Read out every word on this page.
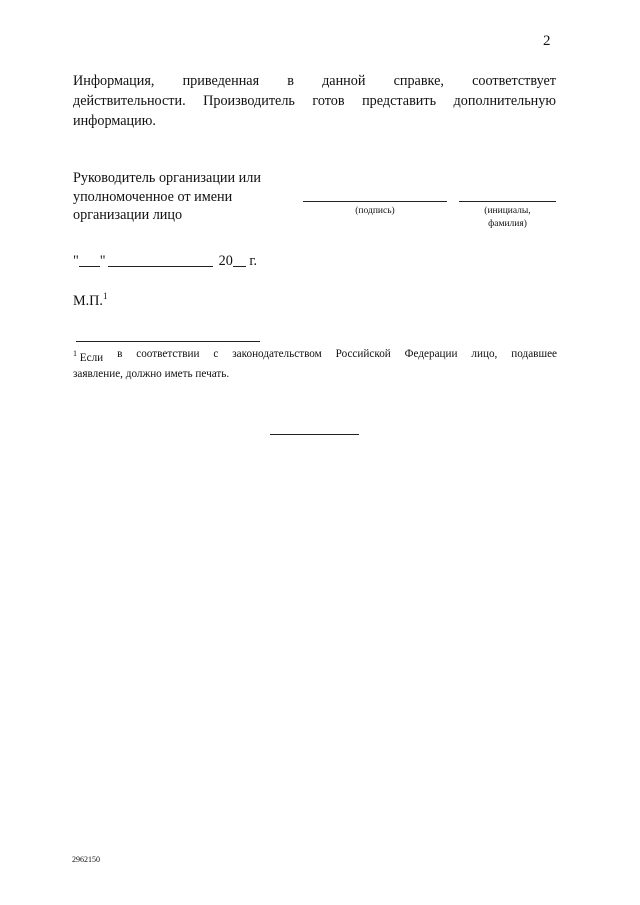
2
Информация, приведенная в данной справке, соответствует
действительности. Производитель готов представить дополнительную
информацию.
Руководитель организации или
уполномоченное от имени
организации лицо	(подпись)	(инициалы,
фамилия)
" "	20 г.
М.П.$^1$
$^1$ Если в соответствии с законодательством Российской Федерации лицо, подавшее
заявление, должно иметь печать.
2962150
